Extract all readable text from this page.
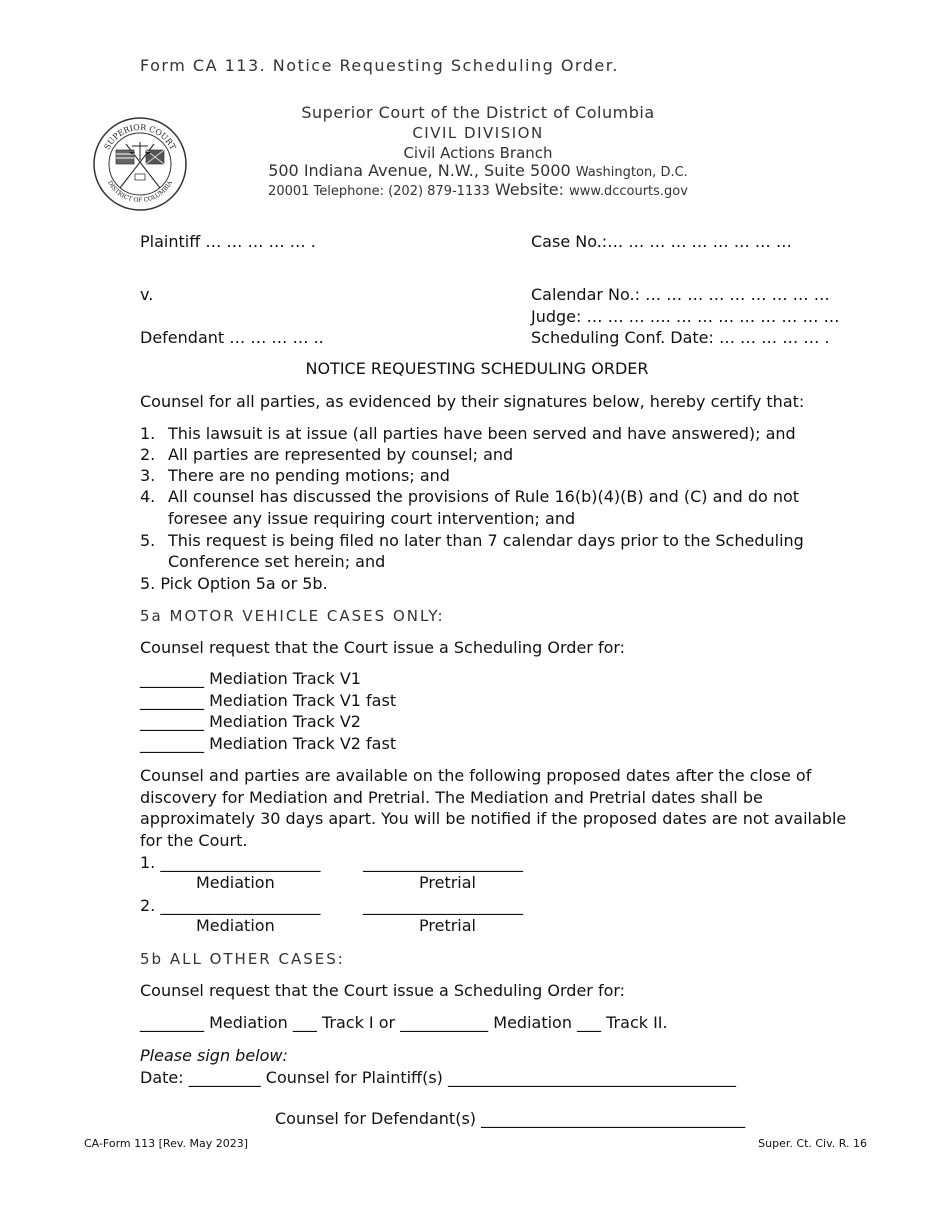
Form CA 113. Notice Requesting Scheduling Order.
SUPERIOR COURT
DISTRICT OF COLUMBIA
Superior Court of the District of Columbia
CIVIL DIVISION
Civil Actions Branch
500 Indiana Avenue, N.W., Suite 5000 Washington, D.C.
20001 Telephone: (202) 879-1133 Website: www.dccourts.gov
Plaintiff … … … … … .	Case No.:… … … … … … … … …
v.	Calendar No.: … … … … … … … … …
Judge: … … … …. … … … … … … … …
Defendant … … … … ..	Scheduling Conf. Date: … … … … … .
NOTICE REQUESTING SCHEDULING ORDER
Counsel for all parties, as evidenced by their signatures below, hereby certify that:
1. This lawsuit is at issue (all parties have been served and have answered); and
2. All parties are represented by counsel; and
3. There are no pending motions; and
4. All counsel has discussed the provisions of Rule 16(b)(4)(B) and (C) and do not
foresee any issue requiring court intervention; and
5. This request is being filed no later than 7 calendar days prior to the Scheduling
Conference set herein; and
5. Pick Option 5a or 5b.
5a MOTOR VEHICLE CASES ONLY:
Counsel request that the Court issue a Scheduling Order for:
________ Mediation Track V1
________ Mediation Track V1 fast
________ Mediation Track V2
________ Mediation Track V2 fast
Counsel and parties are available on the following proposed dates after the close of
discovery for Mediation and Pretrial. The Mediation and Pretrial dates shall be
approximately 30 days apart. You will be notified if the proposed dates are not available
for the Court.
1. ____________________	____________________
Mediation	Pretrial
2. ____________________	____________________
Mediation	Pretrial
5b ALL OTHER CASES:
Counsel request that the Court issue a Scheduling Order for:
________ Mediation ___ Track I or ___________ Mediation ___ Track II.
Please sign below:
Date: _________ Counsel for Plaintiff(s) ____________________________________
Counsel for Defendant(s) _________________________________
CA-Form 113 [Rev. May 2023]	Super. Ct. Civ. R. 16
